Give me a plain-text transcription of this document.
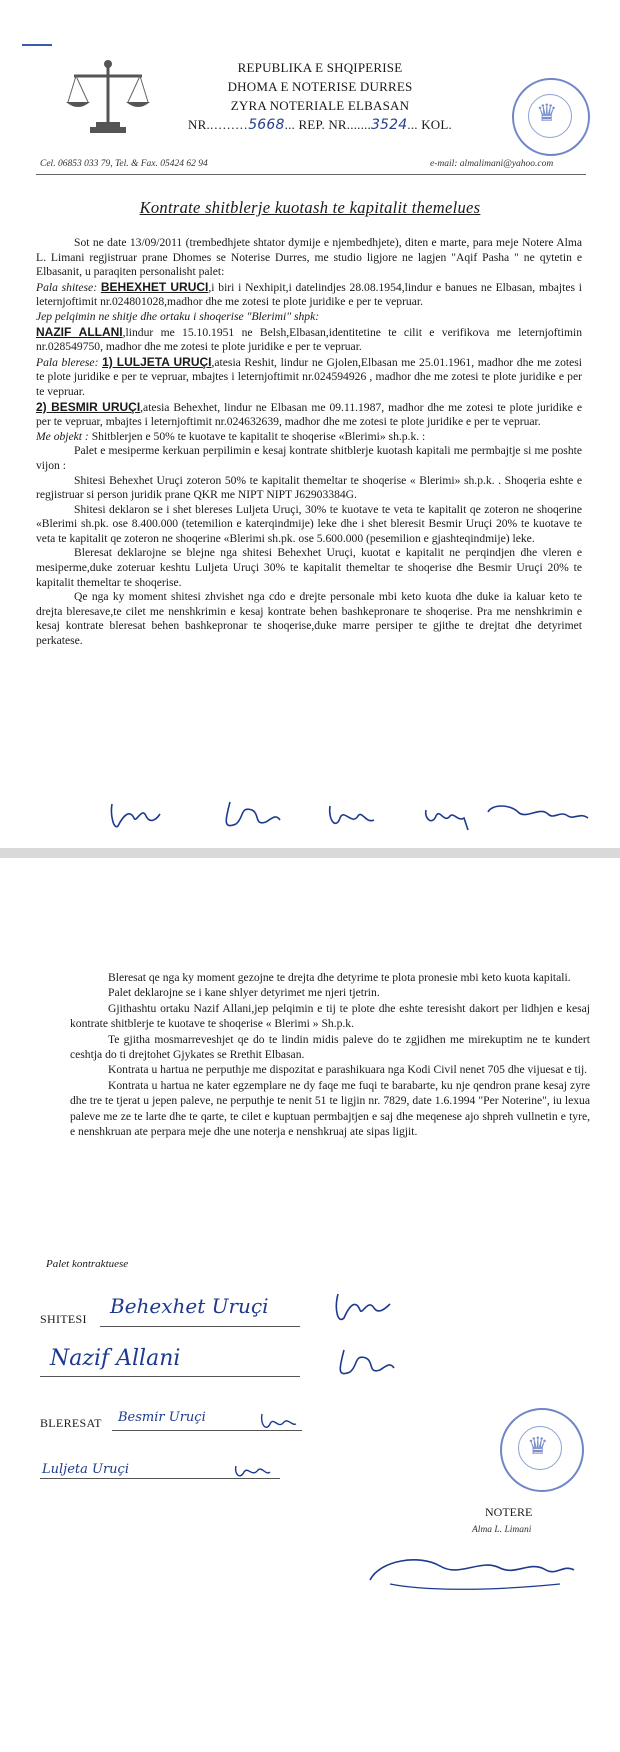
REPUBLIKA E SHQIPERISE
DHOMA E NOTERISE DURRES
ZYRA NOTERIALE ELBASAN
NR..........5668... REP. NR.......3524... KOL.	♛
Cel. 06853 033 79, Tel. & Fax. 05424 62 94	e-mail: almalimani@yahoo.com
Kontrate shitblerje kuotash te kapitalit themelues

Sot ne date 13/09/2011 (trembedhjete shtator dymije e njembedhjete), diten e marte, para meje Notere Alma L. Limani regjistruar prane Dhomes se Noterise Durres, me studio ligjore ne lagjen "Aqif Pasha " ne qytetin e Elbasanit, u paraqiten personalisht palet:

Pala shitese: BEHEXHET URUCI,i biri i Nexhipit,i datelindjes 28.08.1954,lindur e banues ne Elbasan, mbajtes i leternjoftimit nr.024801028,madhor dhe me zotesi te plote juridike e per te vepruar.

Jep pelqimin ne shitje dhe ortaku i shoqerise "Blerimi" shpk:

NAZIF ALLANI,lindur me 15.10.1951 ne Belsh,Elbasan,identitetine te cilit e verifikova me leternjoftimin nr.028549750, madhor dhe me zotesi te plote juridike e per te vepruar.

Pala blerese: 1) LULJETA URUÇI,atesia Reshit, lindur ne Gjolen,Elbasan me 25.01.1961, madhor dhe me zotesi te plote juridike e per te vepruar, mbajtes i leternjoftimit nr.024594926 , madhor dhe me zotesi te plote juridike e per te vepruar.

2) BESMIR URUÇI,atesia Behexhet, lindur ne Elbasan me 09.11.1987, madhor dhe me zotesi te plote juridike e per te vepruar, mbajtes i leternjoftimit nr.024632639, madhor dhe me zotesi te plote juridike e per te vepruar.

Me objekt : Shitblerjen e 50% te kuotave te kapitalit te shoqerise «Blerimi» sh.p.k. :

Palet e mesiperme kerkuan perpilimin e kesaj kontrate shitblerje kuotash kapitali me permbajtje si me poshte vijon :

Shitesi Behexhet Uruçi zoteron 50% te kapitalit themeltar te shoqerise « Blerimi» sh.p.k. . Shoqeria eshte e regjistruar si person juridik prane QKR me NIPT NIPT J62903384G.

Shitesi deklaron se i shet blereses Luljeta Uruçi, 30% te kuotave te veta te kapitalit qe zoteron ne shoqerine «Blerimi sh.pk. ose 8.400.000 (tetemilion e katerqindmije) leke dhe i shet bleresit Besmir Uruçi 20% te kuotave te veta te kapitalit qe zoteron ne shoqerine «Blerimi sh.pk. ose 5.600.000 (pesemilion e gjashteqindmije) leke.

Bleresat deklarojne se blejne nga shitesi Behexhet Uruçi, kuotat e kapitalit ne perqindjen dhe vleren e mesiperme,duke zoteruar keshtu Luljeta Uruçi 30% te kapitalit themeltar te shoqerise dhe Besmir Uruçi 20% te kapitalit themeltar te shoqerise.

Qe nga ky moment shitesi zhvishet nga cdo e drejte personale mbi keto kuota dhe duke ia kaluar keto te drejta bleresave,te cilet me nenshkrimin e kesaj kontrate behen bashkepronare te shoqerise. Pra me nenshkrimin e kesaj kontrate bleresat behen bashkepronar te shoqerise,duke marre persiper te gjithe te drejtat dhe detyrimet perkatese.

Bleresat qe nga ky moment gezojne te drejta dhe detyrime te plota pronesie mbi keto kuota kapitali.

Palet deklarojne se i kane shlyer detyrimet me njeri tjetrin.

Gjithashtu ortaku Nazif Allani,jep pelqimin e tij te plote dhe eshte teresisht dakort per lidhjen e kesaj kontrate shitblerje te kuotave te shoqerise « Blerimi » Sh.p.k.

Te gjitha mosmarreveshjet qe do te lindin midis paleve do te zgjidhen me mirekuptim ne te kundert ceshtja do ti drejtohet Gjykates se Rrethit Elbasan.

Kontrata u hartua ne perputhje me dispozitat e parashikuara nga Kodi Civil nenet 705 dhe vijuesat e tij.

Kontrata u hartua ne kater egzemplare ne dy faqe me fuqi te barabarte, ku nje qendron prane kesaj zyre dhe tre te tjerat u jepen paleve, ne perputhje te nenit 51 te ligjin nr. 7829, date 1.6.1994 "Per Noterine", iu lexua paleve me ze te larte dhe te qarte, te cilet e kuptuan permbajtjen e saj dhe meqenese ajo shpreh vullnetin e tyre, e nenshkruan ate perpara meje dhe une noterja e nenshkruaj ate sipas ligjit.

Palet kontraktuese
SHITESI
Behexhet Uruçi
Nazif Allani
BLERESAT Besmir Uruçi
Luljeta Uruçi
♛
NOTERE
Alma L. Limani
